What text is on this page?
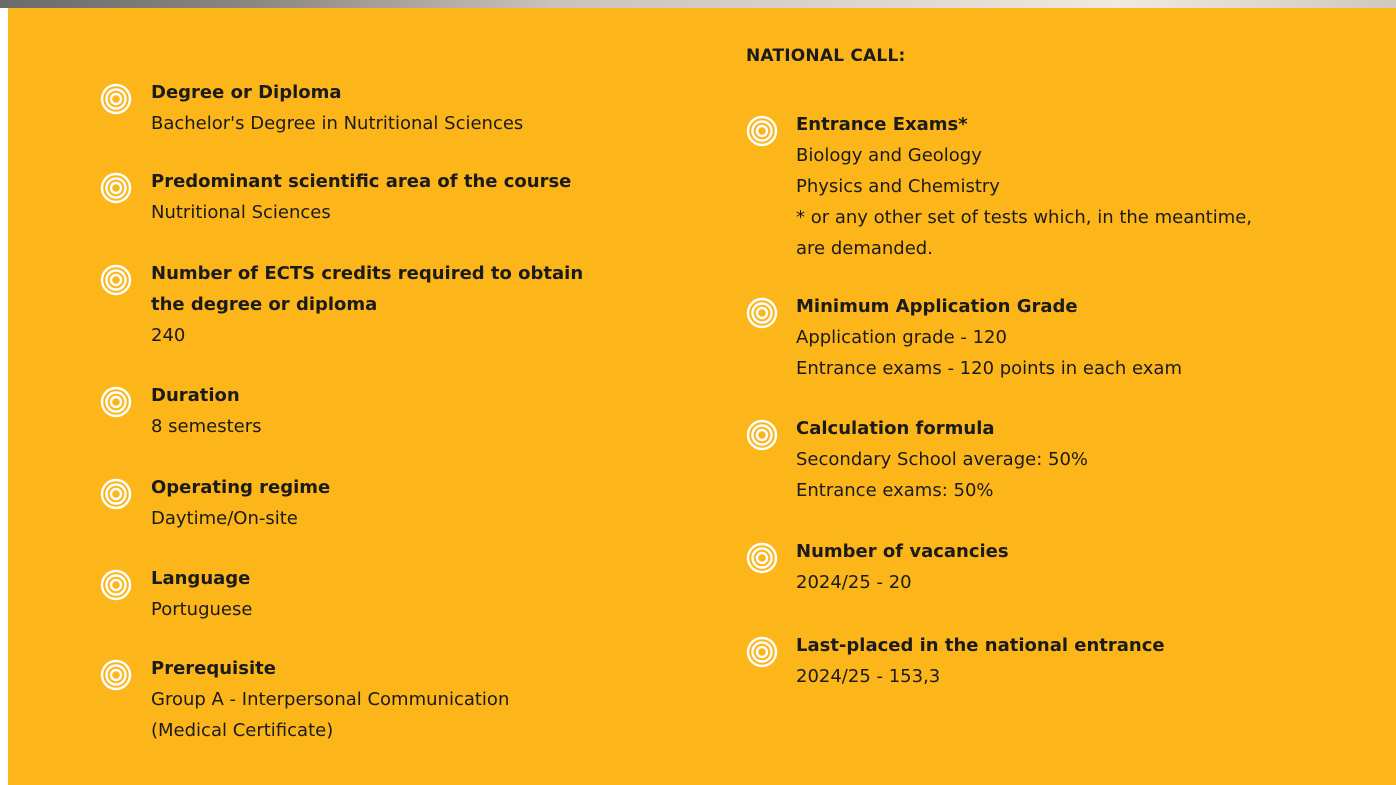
Degree or Diploma
Bachelor's Degree in Nutritional Sciences
Predominant scientific area of the course
Nutritional Sciences
Number of ECTS credits required to obtain
the degree or diploma
240
Duration
8 semesters
Operating regime
Daytime/On-site
Language
Portuguese
Prerequisite
Group A - Interpersonal Communication
(Medical Certificate)
NATIONAL CALL:
Entrance Exams*
Biology and Geology
Physics and Chemistry
* or any other set of tests which, in the meantime,
are demanded.
Minimum Application Grade
Application grade - 120
Entrance exams - 120 points in each exam
Calculation formula
Secondary School average: 50%
Entrance exams: 50%
Number of vacancies
2024/25 - 20
Last-placed in the national entrance
2024/25 - 153,3
